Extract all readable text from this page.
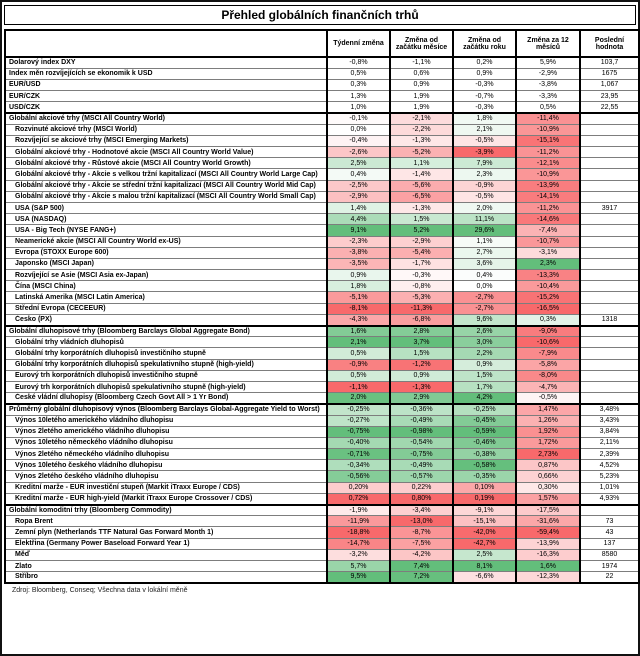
Přehled globálních finančních trhů
	Týdenní změna	Změna od začátku měsíce	Změna od začátku roku	Změna za 12 měsíců	Poslední hodnota
Dolarový index DXY	-0,8%	-1,1%	0,2%	5,9%	103,7
Index měn rozvíjejících se ekonomik k USD	0,5%	0,6%	0,9%	-2,9%	1675
EUR/USD	0,3%	0,9%	-0,3%	-3,8%	1,067
EUR/CZK	1,3%	1,9%	-0,7%	-3,3%	23,95
USD/CZK	1,0%	1,9%	-0,3%	0,5%	22,55
Globální akciové trhy (MSCI All Country World)	-0,1%	-2,1%	1,8%	-11,4%	
Rozvinuté akciové trhy (MSCI World)	0,0%	-2,2%	2,1%	-10,9%	
Rozvíjející se akciové trhy (MSCI Emerging Markets)	-0,4%	-1,3%	-0,5%	-15,1%	
Globální akciové trhy - Hodnotové akcie (MSCI All Country World Value)	-2,6%	-5,2%	-3,9%	-11,2%	
Globální akciové trhy - Růstové akcie (MSCI All Country World Growth)	2,5%	1,1%	7,9%	-12,1%	
Globální akciové trhy - Akcie s velkou tržní kapitalizací (MSCI All Country World Large Cap)	0,4%	-1,4%	2,3%	-10,9%	
Globální akciové trhy - Akcie se střední tržní kapitalizací (MSCI All Country World Mid Cap)	-2,5%	-5,6%	-0,9%	-13,9%	
Globální akciové trhy - Akcie s malou tržní kapitalizací (MSCI All Country World Small Cap)	-2,9%	-6,5%	-0,5%	-14,1%	
USA (S&P 500)	1,4%	-1,3%	2,0%	-11,2%	3917
USA (NASDAQ)	4,4%	1,5%	11,1%	-14,6%	
USA - Big Tech (NYSE FANG+)	9,1%	5,2%	29,6%	-7,4%	
Neamerické akcie (MSCI All Country World ex-US)	-2,3%	-2,9%	1,1%	-10,7%	
Evropa (STOXX Europe 600)	-3,8%	-5,4%	2,7%	-3,1%	
Japonsko (MSCI Japan)	-3,5%	-1,7%	3,6%	2,3%	
Rozvíjející se Asie (MSCI Asia ex-Japan)	0,9%	-0,3%	0,4%	-13,3%	
Čína (MSCI China)	1,8%	-0,8%	0,0%	-10,4%	
Latinská Amerika (MSCI Latin America)	-5,1%	-5,3%	-2,7%	-15,2%	
Střední Evropa (CECEEUR)	-8,1%	-11,3%	-2,7%	-16,5%	
Česko (PX)	-4,3%	-6,8%	9,6%	0,3%	1318
Globální dluhopisové trhy (Bloomberg Barclays Global Aggregate Bond)	1,6%	2,8%	2,6%	-9,0%	
Globální trhy vládních dluhopisů	2,1%	3,7%	3,0%	-10,6%	
Globální trhy korporátních dluhopisů investičního stupně	0,5%	1,5%	2,2%	-7,9%	
Globální trhy korporátních dluhopisů spekulativního stupně (high-yield)	-0,9%	-1,2%	0,9%	-5,8%	
Eurový trh korporátních dluhopisů investičního stupně	0,5%	0,9%	1,5%	-8,0%	
Eurový trh korporátních dluhopisů spekulativního stupně (high-yield)	-1,1%	-1,3%	1,7%	-4,7%	
České vládní dluhopisy (Bloomberg Czech Govt All > 1 Yr Bond)	2,0%	2,9%	4,2%	-0,5%	
Průměrný globální dluhopisový výnos (Bloomberg Barclays Global-Aggregate Yield to Worst)	-0,25%	-0,36%	-0,25%	1,47%	3,48%
Výnos 10letého amerického vládního dluhopisu	-0,27%	-0,49%	-0,45%	1,26%	3,43%
Výnos 2letého amerického vládního dluhopisu	-0,75%	-0,98%	-0,59%	1,92%	3,84%
Výnos 10letého německého vládního dluhopisu	-0,40%	-0,54%	-0,46%	1,72%	2,11%
Výnos 2letého německého vládního dluhopisu	-0,71%	-0,75%	-0,38%	2,73%	2,39%
Výnos 10letého českého vládního dluhopisu	-0,34%	-0,49%	-0,58%	0,87%	4,52%
Výnos 2letého českého vládního dluhopisu	-0,56%	-0,57%	-0,35%	0,66%	5,23%
Kreditní marže - EUR investiční stupeň (Markit iTraxx Europe / CDS)	0,20%	0,22%	0,10%	0,30%	1,01%
Kreditní marže - EUR high-yield (Markit iTraxx Europe Crossover / CDS)	0,72%	0,80%	0,19%	1,57%	4,93%
Globální komoditní trhy (Bloomberg Commodity)	-1,9%	-3,4%	-9,1%	-17,5%	
Ropa Brent	-11,9%	-13,0%	-15,1%	-31,6%	73
Zemní plyn (Netherlands TTF Natural Gas Forward Month 1)	-18,8%	-8,7%	-42,0%	-59,4%	43
Elektřina (Germany Power Baseload Forward Year 1)	-14,7%	-7,5%	-42,7%	-13,9%	137
Měď	-3,2%	-4,2%	2,5%	-16,3%	8580
Zlato	5,7%	7,4%	8,1%	1,6%	1974
Stříbro	9,5%	7,2%	-6,6%	-12,3%	22
Zdroj: Bloomberg, Conseq; Všechna data v lokální měně
